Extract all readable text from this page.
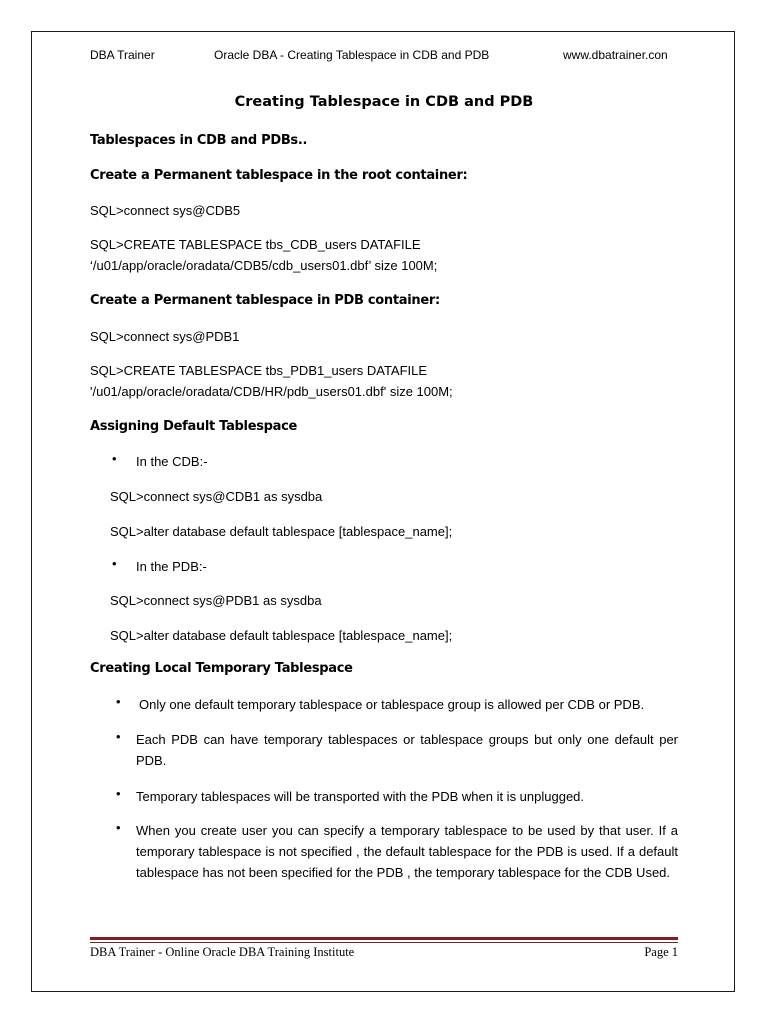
DBA Trainer	Oracle DBA - Creating Tablespace in CDB and PDB	www.dbatrainer.con
Creating Tablespace in CDB and PDB
Tablespaces in CDB and PDBs..
Create a Permanent tablespace in the root container:
SQL>connect sys@CDB5
SQL>CREATE TABLESPACE tbs_CDB_users DATAFILE
‘/u01/app/oracle/oradata/CDB5/cdb_users01.dbf’ size 100M;
Create a Permanent tablespace in PDB container:
SQL>connect sys@PDB1
SQL>CREATE TABLESPACE tbs_PDB1_users DATAFILE
'/u01/app/oracle/oradata/CDB/HR/pdb_users01.dbf' size 100M;
Assigning Default Tablespace
• In the CDB:-
SQL>connect sys@CDB1 as sysdba
SQL>alter database default tablespace [tablespace_name];
• In the PDB:-
SQL>connect sys@PDB1 as sysdba
SQL>alter database default tablespace [tablespace_name];
Creating Local Temporary Tablespace
• Only one default temporary tablespace or tablespace group is allowed per CDB or PDB.
• Each PDB can have temporary tablespaces or tablespace groups but only one default per PDB.
• Temporary tablespaces will be transported with the PDB when it is unplugged.
• When you create user you can specify a temporary tablespace to be used by that user. If a temporary tablespace is not specified , the default tablespace for the PDB is used. If a default tablespace has not been specified for the PDB , the temporary tablespace for the CDB Used.
DBA Trainer - Online Oracle DBA Training Institute	Page 1
